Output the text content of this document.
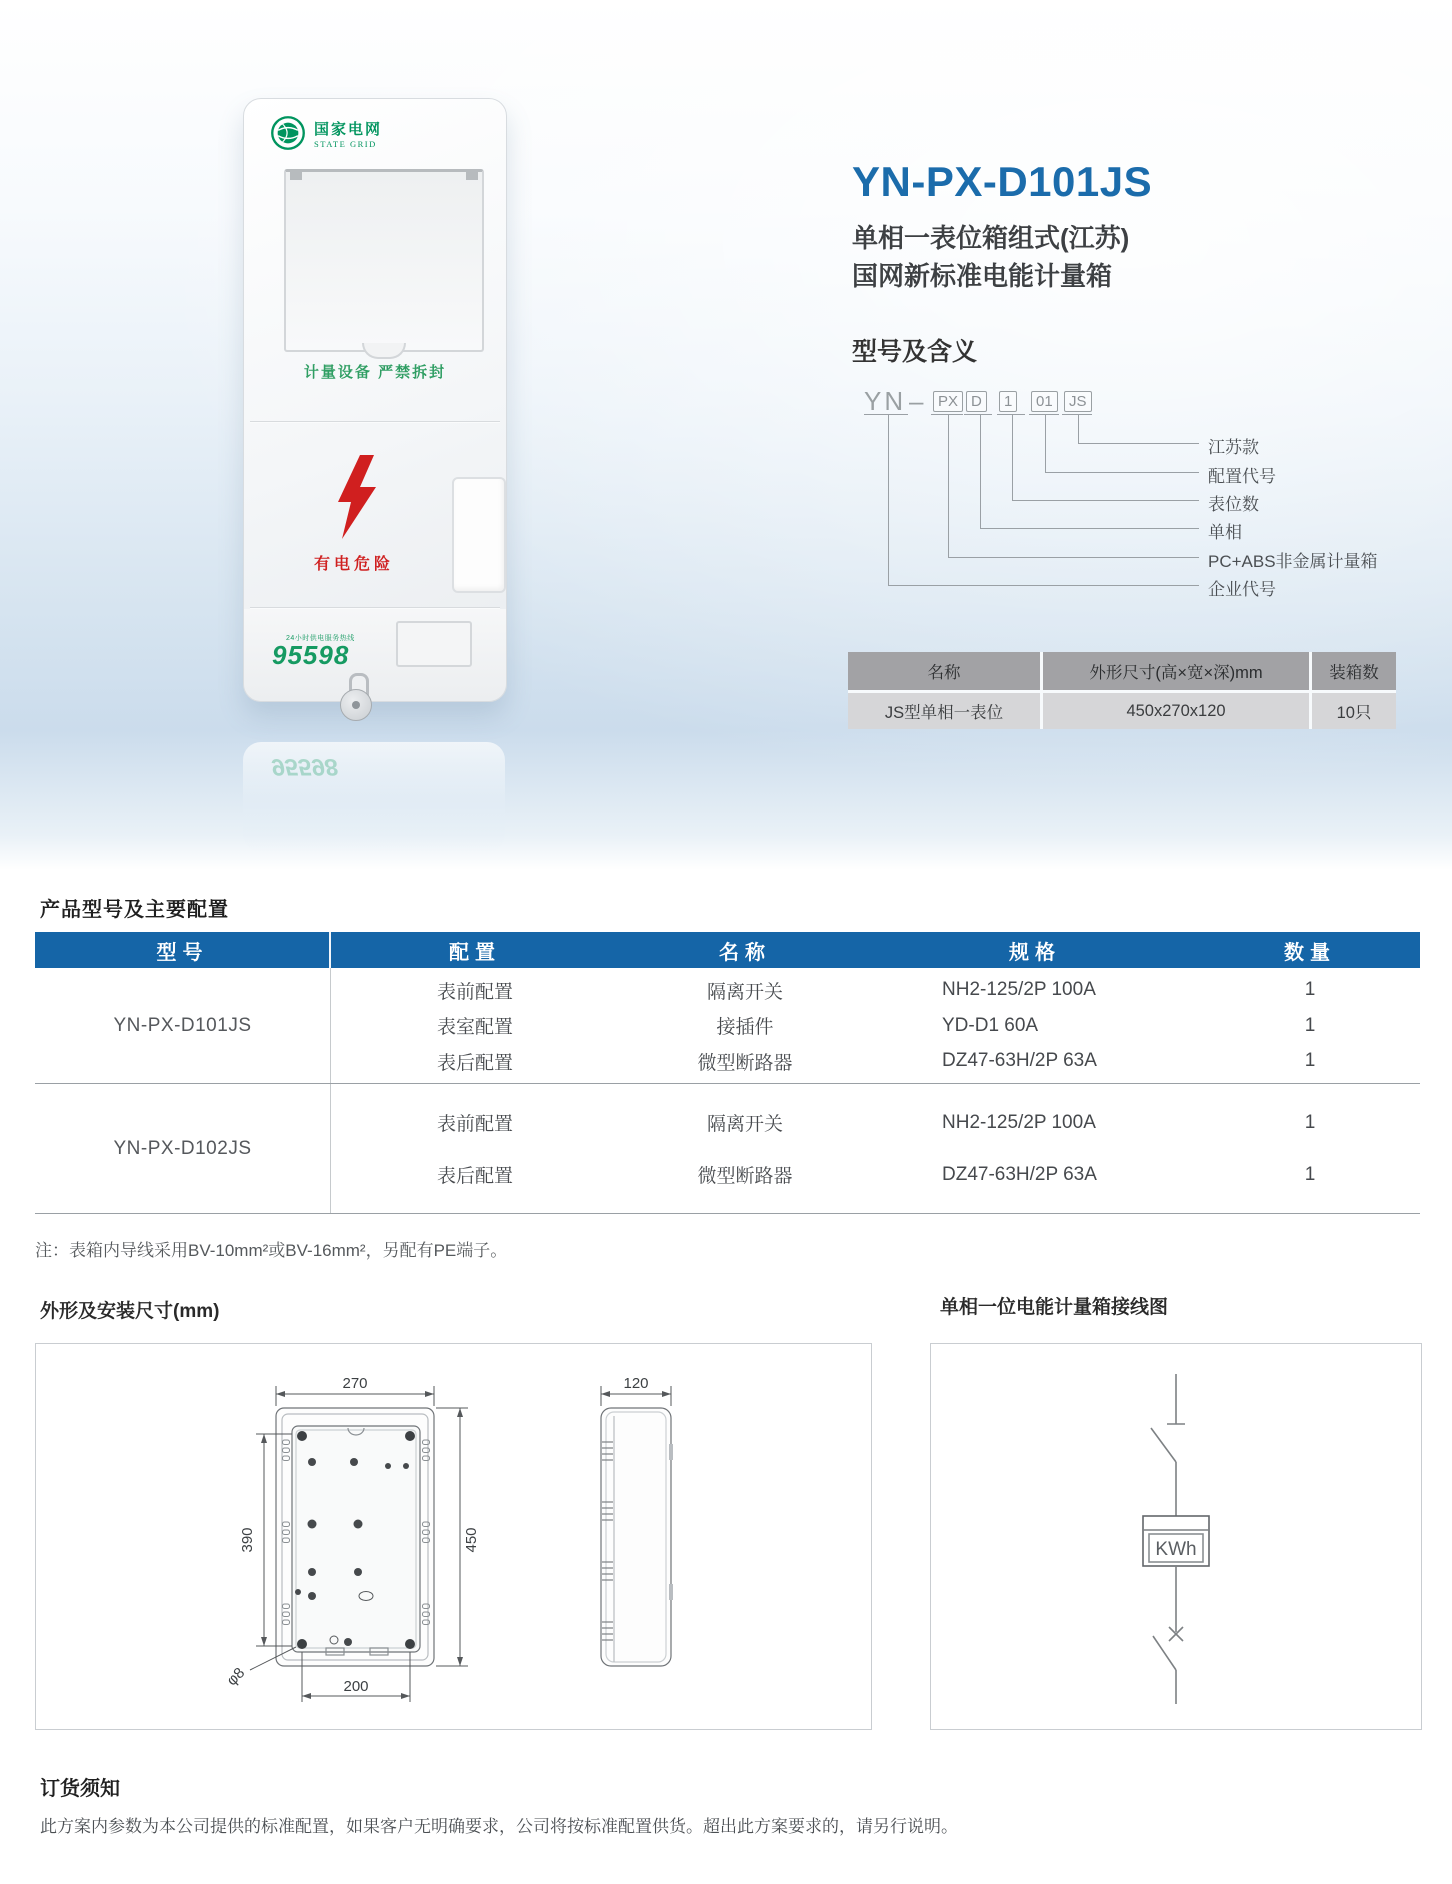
国家电网
STATE GRID
计量设备 严禁拆封
有电危险
24小时供电服务热线
95598
95598
YN-PX-D101JS
单相一表位箱组式(江苏)
国网新标准电能计量箱
型号及含义
YN – PX D	1	01	JS
江苏款
配置代号
表位数
单相
PC+ABS非金属计量箱
企业代号
名称	外形尺寸(高×宽×深)mm	装箱数
JS型单相一表位	450x270x120	10只
产品型号及主要配置
型号	配置	名称	规格	数量
YN-PX-D101JS
表前配置	隔离开关	NH2-125/2P 100A	1
表室配置	接插件	YD-D1 60A	1
表后配置	微型断路器	DZ47-63H/2P 63A	1
YN-PX-D102JS
表前配置	隔离开关	NH2-125/2P 100A	1
表后配置	微型断路器	DZ47-63H/2P 63A	1
注：表箱内导线采用BV-10mm²或BV-16mm²，另配有PE端子。
外形及安装尺寸(mm)	单相一位电能计量箱接线图
270	120
450
390
200
φ8
KWh
订货须知
此方案内参数为本公司提供的标准配置，如果客户无明确要求，公司将按标准配置供货。超出此方案要求的，请另行说明。
